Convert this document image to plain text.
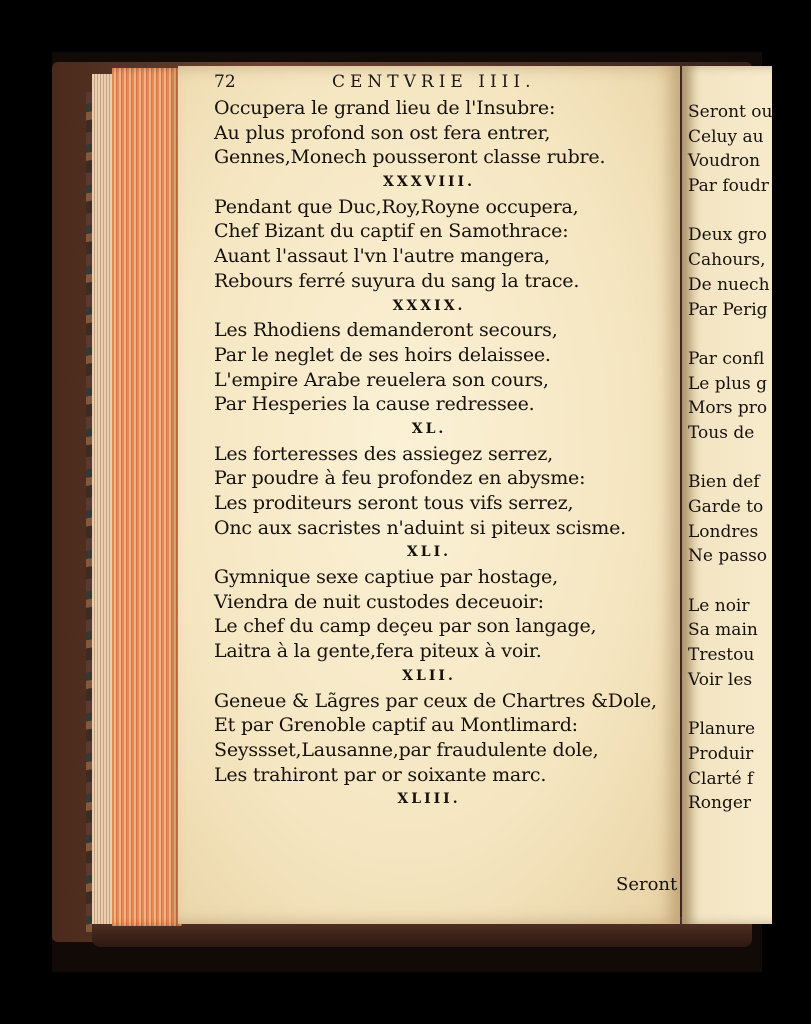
72	CENTVRIE IIII.
Occupera le grand lieu de l'Insubre:
Au plus profond son ost fera entrer,
Gennes,Monech pousseront classe rubre.
XXXVIII.
Pendant que Duc,Roy,Royne occupera,
Chef Bizant du captif en Samothrace:
Auant l'assaut l'vn l'autre mangera,
Rebours ferré suyura du sang la trace.
XXXIX.
Les Rhodiens demanderont secours,
Par le neglet de ses hoirs delaissee.
L'empire Arabe reuelera son cours,
Par Hesperies la cause redressee.
XL.
Les forteresses des assiegez serrez,
Par poudre à feu profondez en abysme:
Les proditeurs seront tous vifs serrez,
Onc aux sacristes n'aduint si piteux scisme.
XLI.
Gymnique sexe captiue par hostage,
Viendra de nuit custodes deceuoir:
Le chef du camp deçeu par son langage,
Laitra à la gente,fera piteux à voir.
XLII.
Geneue & Lãgres par ceux de Chartres &Dole,
Et par Grenoble captif au Montlimard:
Seyssset,Lausanne,par fraudulente dole,
Les trahiront par or soixante marc.
XLIII.
Seront
Seront ou
Celuy au
Voudron
Par foudr
Deux gro
Cahours,
De nuech
Par Perig
Par confl
Le plus g
Mors pro
Tous de
Bien def
Garde to
Londres
Ne passo
Le noir
Sa main
Trestou
Voir les
Planure
Produir
Clarté f
Ronger
